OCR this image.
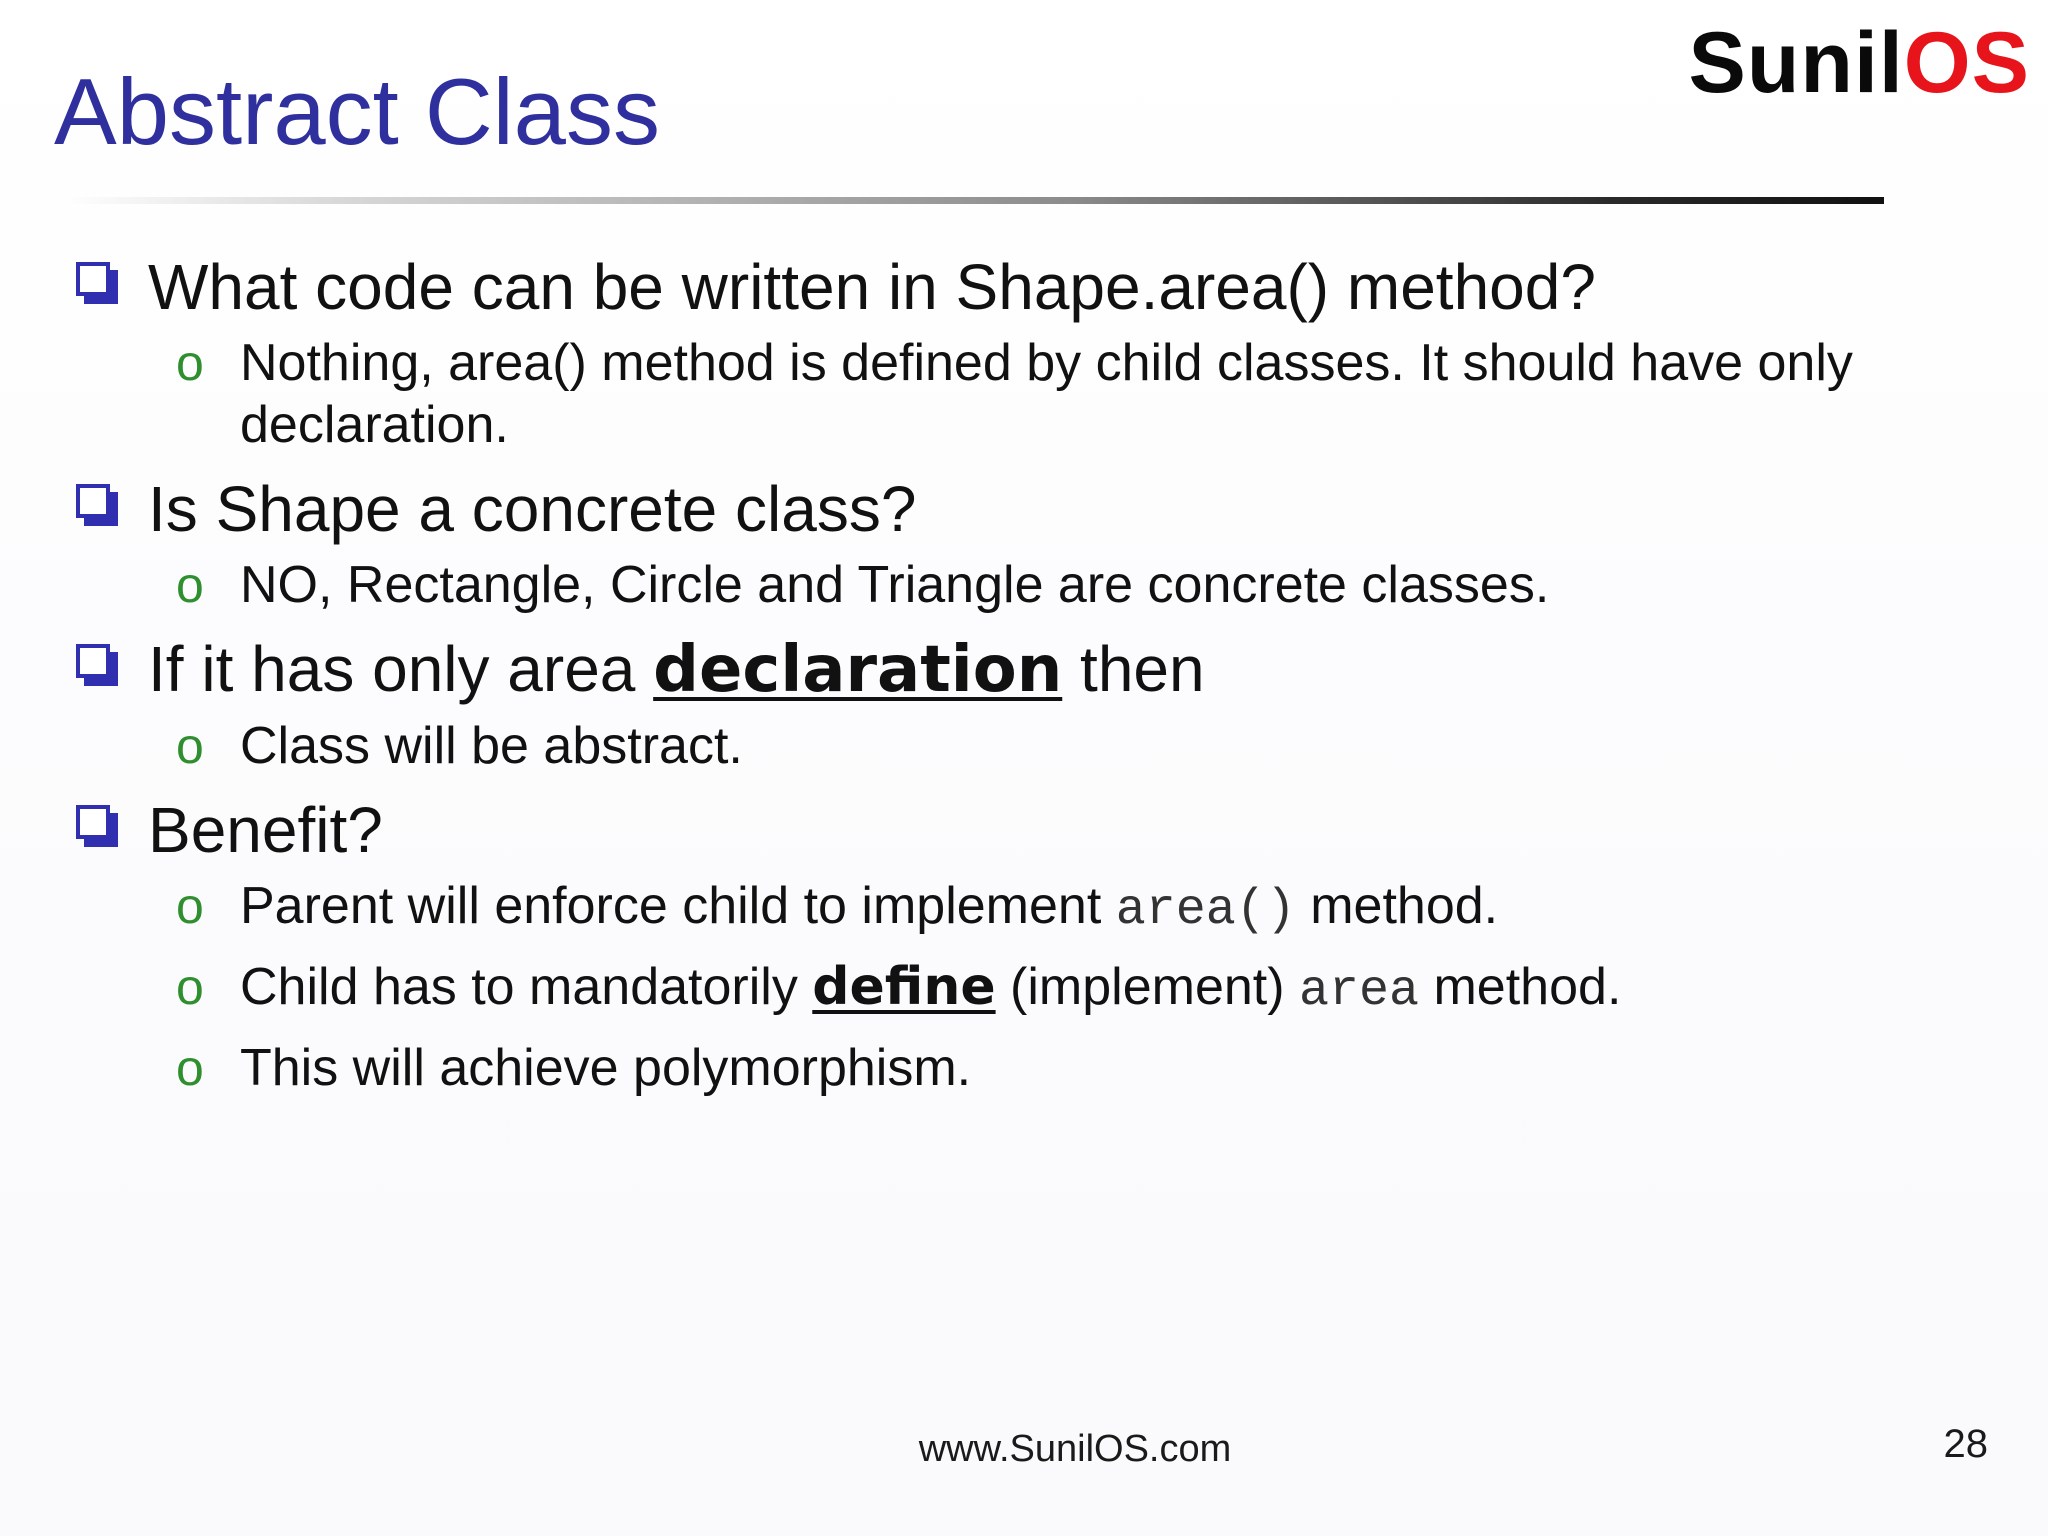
Abstract Class	SunilOS
What code can be written in Shape.area() method?
o Nothing, area() method is defined by child classes. It should have only declaration.
Is Shape a concrete class?
o NO, Rectangle, Circle and Triangle are concrete classes.
If it has only area declaration then
o Class will be abstract.
Benefit?
o Parent will enforce child to implement area() method.
o Child has to mandatorily define (implement) area method.
o This will achieve polymorphism.
www.SunilOS.com	28
